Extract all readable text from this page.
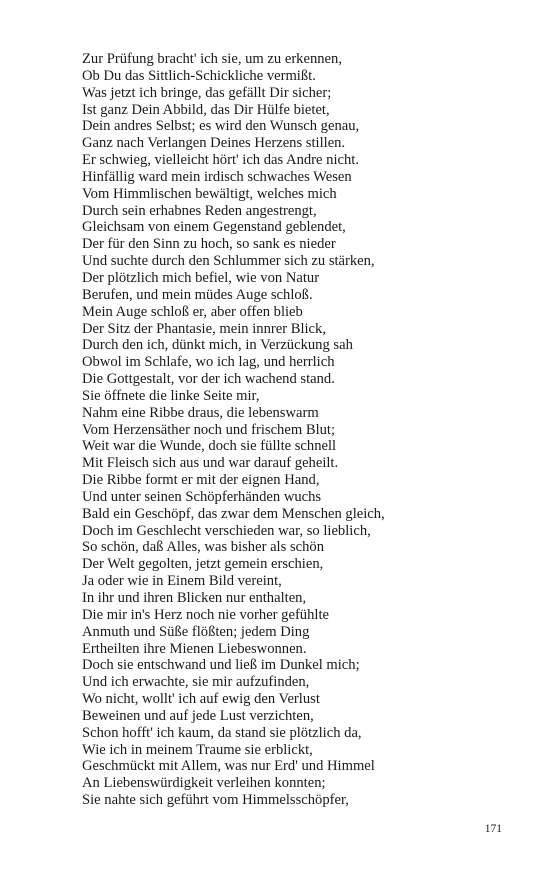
Zur Prüfung bracht' ich sie, um zu erkennen,
Ob Du das Sittlich-Schickliche vermißt.
Was jetzt ich bringe, das gefällt Dir sicher;
Ist ganz Dein Abbild, das Dir Hülfe bietet,
Dein andres Selbst; es wird den Wunsch genau,
Ganz nach Verlangen Deines Herzens stillen.
Er schwieg, vielleicht hört' ich das Andre nicht.
Hinfällig ward mein irdisch schwaches Wesen
Vom Himmlischen bewältigt, welches mich
Durch sein erhabnes Reden angestrengt,
Gleichsam von einem Gegenstand geblendet,
Der für den Sinn zu hoch, so sank es nieder
Und suchte durch den Schlummer sich zu stärken,
Der plötzlich mich befiel, wie von Natur
Berufen, und mein müdes Auge schloß.
Mein Auge schloß er, aber offen blieb
Der Sitz der Phantasie, mein innrer Blick,
Durch den ich, dünkt mich, in Verzückung sah
Obwol im Schlafe, wo ich lag, und herrlich
Die Gottgestalt, vor der ich wachend stand.
Sie öffnete die linke Seite mir,
Nahm eine Ribbe draus, die lebenswarm
Vom Herzensäther noch und frischem Blut;
Weit war die Wunde, doch sie füllte schnell
Mit Fleisch sich aus und war darauf geheilt.
Die Ribbe formt er mit der eignen Hand,
Und unter seinen Schöpferhänden wuchs
Bald ein Geschöpf, das zwar dem Menschen gleich,
Doch im Geschlecht verschieden war, so lieblich,
So schön, daß Alles, was bisher als schön
Der Welt gegolten, jetzt gemein erschien,
Ja oder wie in Einem Bild vereint,
In ihr und ihren Blicken nur enthalten,
Die mir in's Herz noch nie vorher gefühlte
Anmuth und Süße flößten; jedem Ding
Ertheilten ihre Mienen Liebeswonnen.
Doch sie entschwand und ließ im Dunkel mich;
Und ich erwachte, sie mir aufzufinden,
Wo nicht, wollt' ich auf ewig den Verlust
Beweinen und auf jede Lust verzichten,
Schon hofft' ich kaum, da stand sie plötzlich da,
Wie ich in meinem Traume sie erblickt,
Geschmückt mit Allem, was nur Erd' und Himmel
An Liebenswürdigkeit verleihen konnten;
Sie nahte sich geführt vom Himmelsschöpfer,
171
